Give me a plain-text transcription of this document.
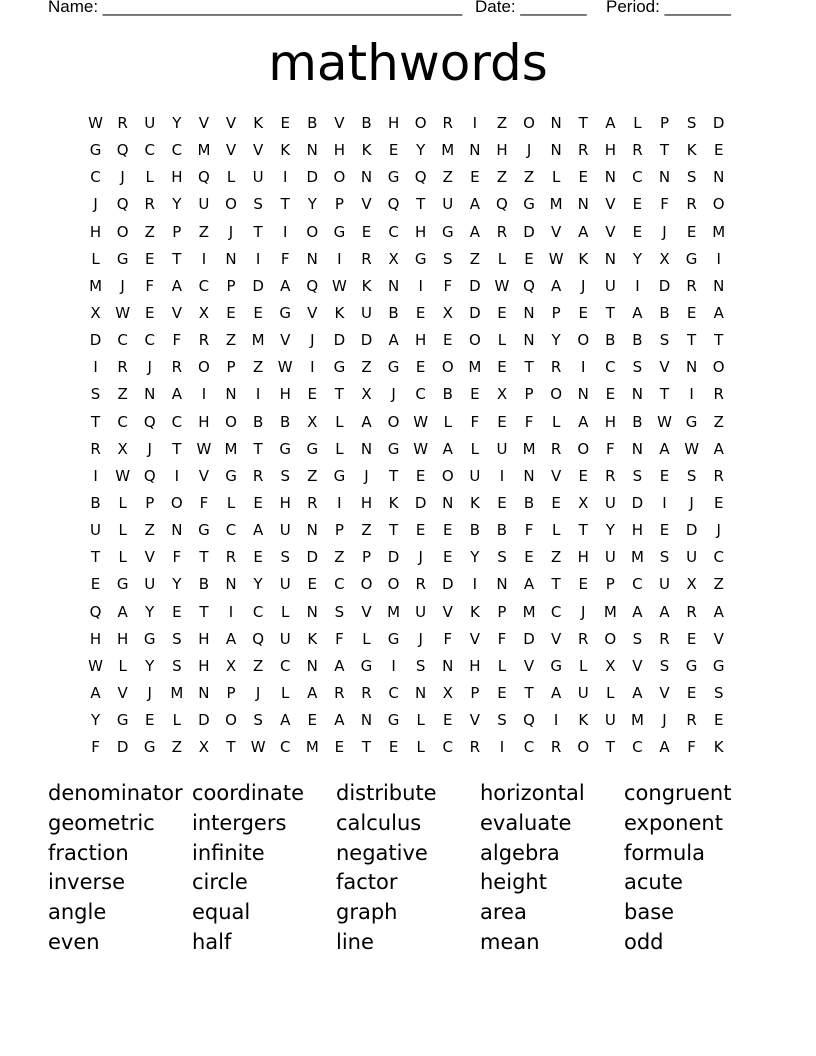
Name: ______________________________________ Date: _______ Period: _______
mathwords
W R	U	Y	V	V	K	E	B	V	B	H	O	R	I	Z	O	N	T	A	L	P	S	D
G	Q	C	C	M	V	V	K	N	H	K	E	Y	M	N	H	J	N	R	H	R	T	K	E
C	J	L	H	Q	L	U	I	D	O	N	G	Q	Z	E	Z	Z	L	E	N	C	N	S	N
J	Q	R	Y	U	O	S	T	Y	P	V	Q	T	U	A	Q	G M	N	V	E	F	R	O
H	O	Z	P	Z	J	T	I	O	G	E	C	H	G	A	R	D	V	A	V	E	J	E	M
L	G	E	T	I	N	I	F	N	I	R	X	G	S	Z	L	E W K	N	Y	X	G	I
M	J	F	A	C	P	D	A	Q W K	N	I	F	D W Q	A	J	U	I	D	R	N
X W E	V	X	E	E	G	V	K	U	B	E	X	D	E	N	P	E	T	A	B	E	A
D	C	C	F	R	Z	M	V	J	D	D	A	H	E	O	L	N	Y	O	B	B	S	T	T
I	R	J	R	O	P	Z W	I	G	Z	G	E	O M	E	T	R	I	C	S	V	N	O
S	Z	N	A	I	N	I	H	E	T	X	J	C	B	E	X	P	O	N	E	N	T	I	R
T	C	Q	C	H	O	B	B	X	L	A	O W	L	F	E	F	L	A	H	B W G	Z
R	X	J	T	W M	T	G	G	L	N	G W A	L	U	M	R	O	F	N	A W A
I	W Q	I	V	G	R	S	Z	G	J	T	E	O	U	I	N	V	E	R	S	E	S	R
B	L	P	O	F	L	E	H	R	I	H	K	D	N	K	E	B	E	X	U	D	I	J	E
U	L	Z	N	G	C	A	U	N	P	Z	T	E	E	B	B	F	L	T	Y	H	E	D	J
T	L	V	F	T	R	E	S	D	Z	P	D	J	E	Y	S	E	Z	H	U	M	S	U	C
E	G	U	Y	B	N	Y	U	E	C	O	O	R	D	I	N	A	T	E	P	C	U	X	Z
Q	A	Y	E	T	I	C	L	N	S	V	M	U	V	K	P	M	C	J	M	A	A	R	A
H	H	G	S	H	A	Q	U	K	F	L	G	J	F	V	F	D	V	R	O	S	R	E	V
W	L	Y	S	H	X	Z	C	N	A	G	I	S	N	H	L	V	G	L	X	V	S	G	G
A	V	J	M	N	P	J	L	A	R	R	C	N	X	P	E	T	A	U	L	A	V	E	S
Y	G	E	L	D	O	S	A	E	A	N	G	L	E	V	S	Q	I	K	U	M	J	R	E
F	D	G	Z	X	T	W C	M	E	T	E	L	C	R	I	C	R	O	T	C	A	F	K
denominator coordinate	distribute	horizontal	congruent
geometric	intergers	calculus	evaluate	exponent
fraction	infinite	negative	algebra	formula
inverse	circle	factor	height	acute
angle	equal	graph	area	base
even	half	line	mean	odd
